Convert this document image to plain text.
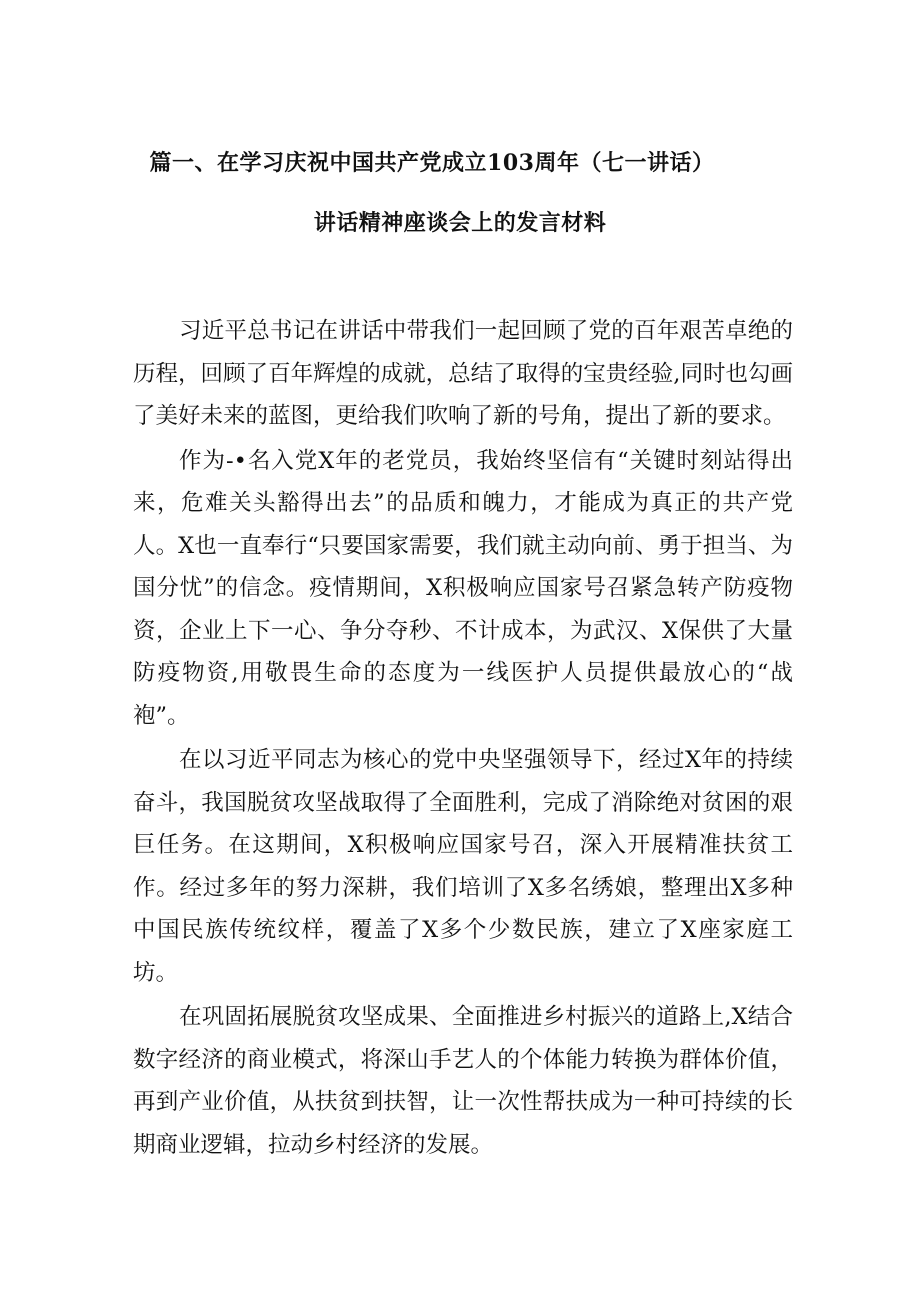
篇一、在学习庆祝中国共产党成立103周年（七一讲话）
讲话精神座谈会上的发言材料

习近平总书记在讲话中带我们一起回顾了党的百年艰苦卓绝的历程，回顾了百年辉煌的成就，总结了取得的宝贵经验,同时也勾画了美好未来的蓝图，更给我们吹响了新的号角，提出了新的要求。

作为-•名入党X年的老党员，我始终坚信有“关键时刻站得出来，危难关头豁得出去”的品质和魄力，才能成为真正的共产党人。X也一直奉行“只要国家需要，我们就主动向前、勇于担当、为国分忧”的信念。疫情期间，X积极响应国家号召紧急转产防疫物资，企业上下一心、争分夺秒、不计成本，为武汉、X保供了大量防疫物资,用敬畏生命的态度为一线医护人员提供最放心的“战袍”。

在以习近平同志为核心的党中央坚强领导下，经过X年的持续奋斗，我国脱贫攻坚战取得了全面胜利，完成了消除绝对贫困的艰巨任务。在这期间，X积极响应国家号召，深入开展精准扶贫工作。经过多年的努力深耕，我们培训了X多名绣娘，整理出X多种中国民族传统纹样，覆盖了X多个少数民族，建立了X座家庭工坊。

在巩固拓展脱贫攻坚成果、全面推进乡村振兴的道路上,X结合数字经济的商业模式，将深山手艺人的个体能力转换为群体价值，再到产业价值，从扶贫到扶智，让一次性帮扶成为一种可持续的长期商业逻辑，拉动乡村经济的发展。
